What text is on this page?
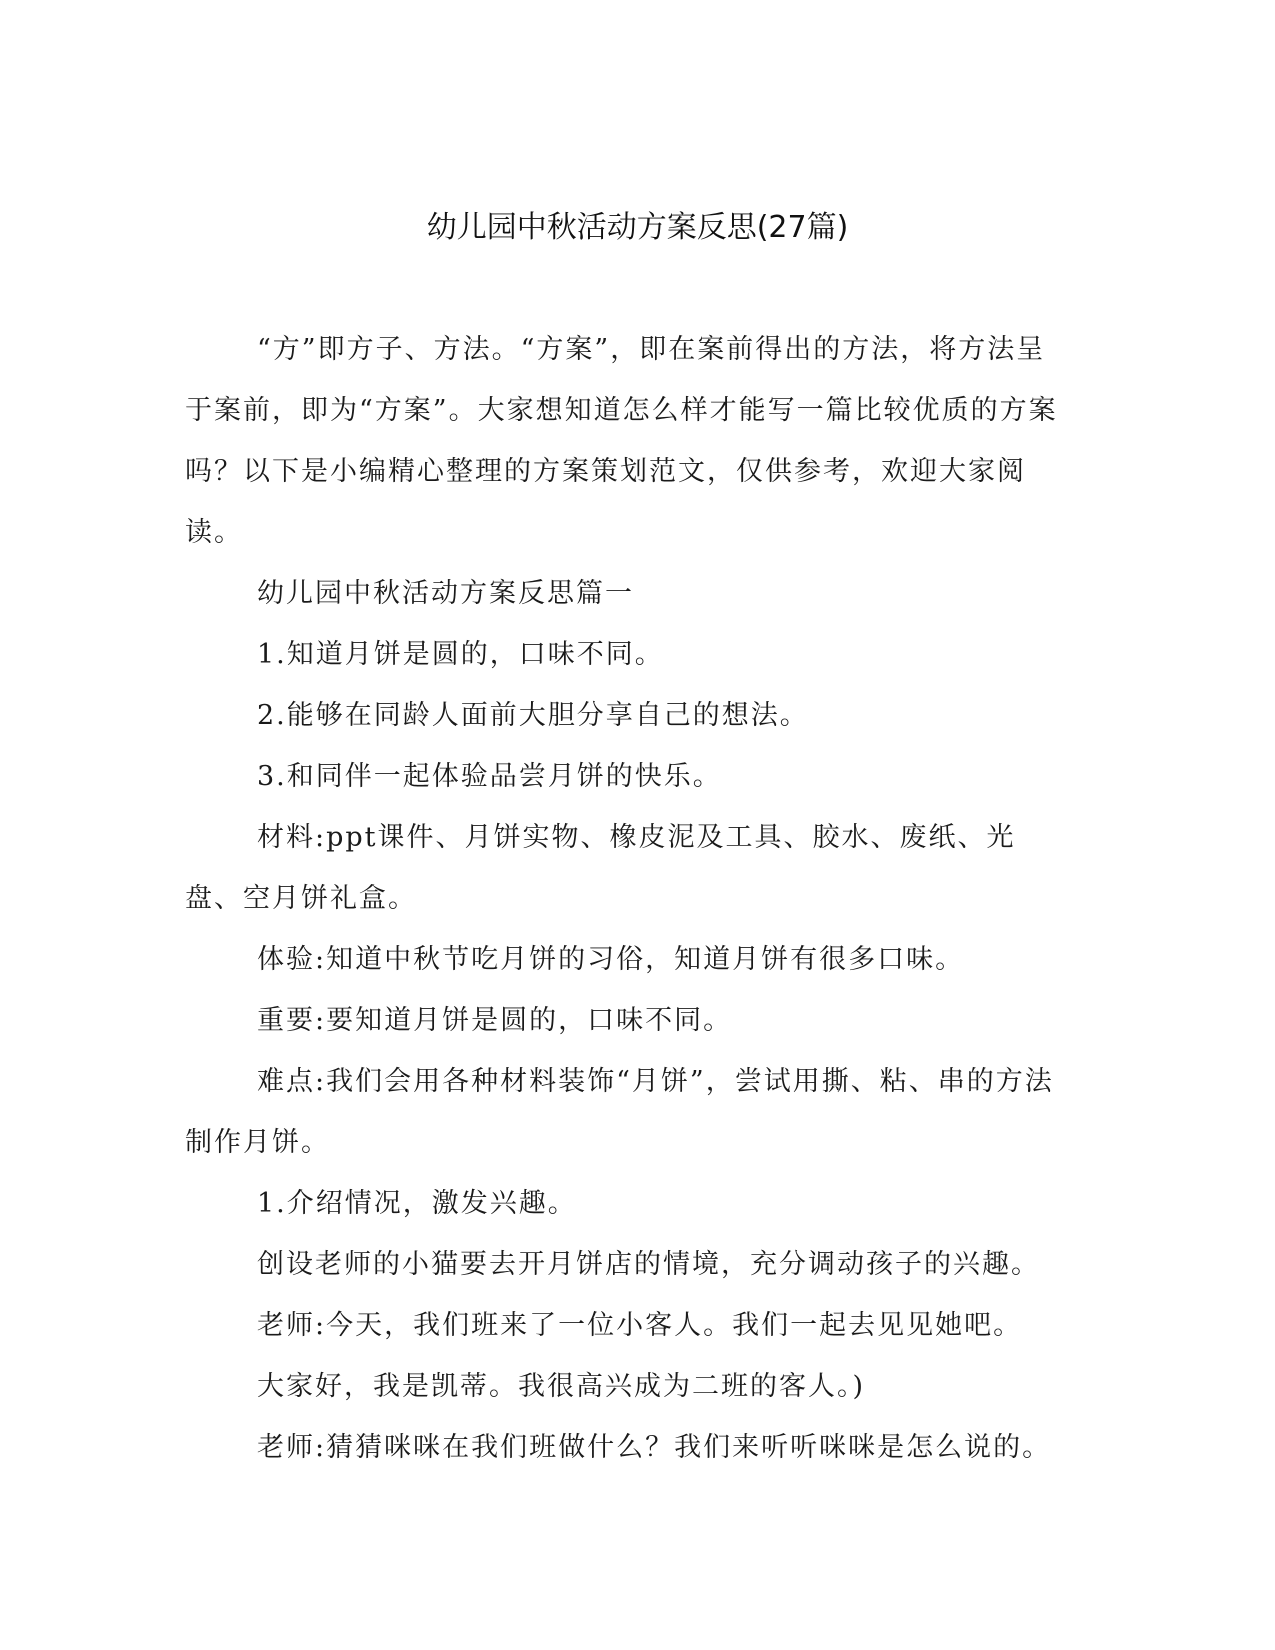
幼儿园中秋活动方案反思(27篇)

“方”即方子、方法。“方案”，即在案前得出的方法，将方法呈于案前，即为“方案”。大家想知道怎么样才能写一篇比较优质的方案吗？以下是小编精心整理的方案策划范文，仅供参考，欢迎大家阅读。

幼儿园中秋活动方案反思篇一

1.知道月饼是圆的，口味不同。

2.能够在同龄人面前大胆分享自己的想法。

3.和同伴一起体验品尝月饼的快乐。

材料:ppt课件、月饼实物、橡皮泥及工具、胶水、废纸、光盘、空月饼礼盒。

体验:知道中秋节吃月饼的习俗，知道月饼有很多口味。

重要:要知道月饼是圆的，口味不同。

难点:我们会用各种材料装饰“月饼”，尝试用撕、粘、串的方法制作月饼。

1.介绍情况，激发兴趣。

创设老师的小猫要去开月饼店的情境，充分调动孩子的兴趣。

老师:今天，我们班来了一位小客人。我们一起去见见她吧。

大家好，我是凯蒂。我很高兴成为二班的客人。)

老师:猜猜咪咪在我们班做什么？我们来听听咪咪是怎么说的。
